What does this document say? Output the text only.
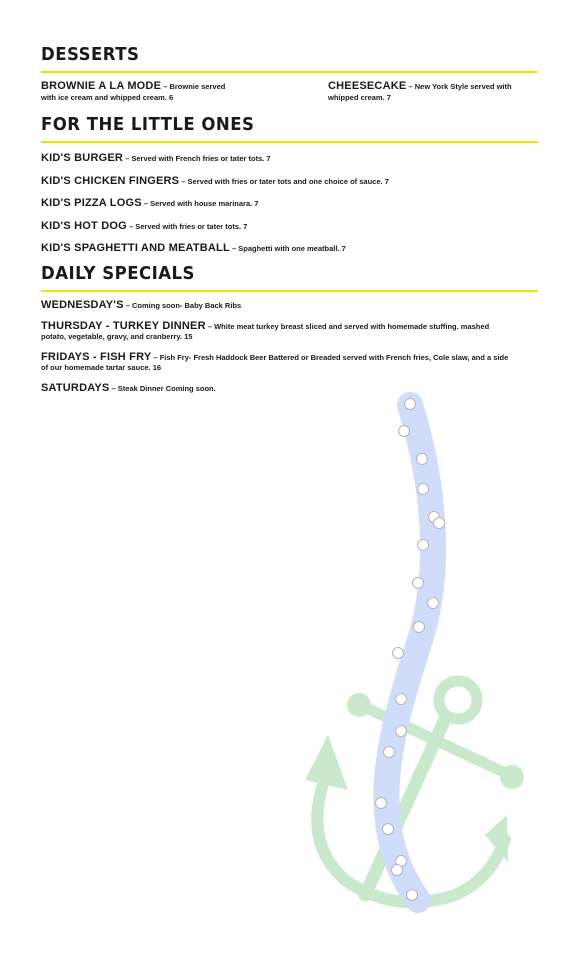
DESSERTS
BROWNIE A LA MODE – Brownie served with ice cream and whipped cream. 6
CHEESECAKE – New York Style served with whipped cream. 7
FOR THE LITTLE ONES
KID'S BURGER – Served with French fries or tater tots. 7
KID'S CHICKEN FINGERS – Served with fries or tater tots and one choice of sauce. 7
KID'S PIZZA LOGS – Served with house marinara. 7
KID'S HOT DOG – Served with fries or tater tots. 7
KID'S SPAGHETTI AND MEATBALL – Spaghetti with one meatball. 7
DAILY SPECIALS
WEDNESDAY'S – Coming soon- Baby Back Ribs
THURSDAY - TURKEY DINNER – White meat turkey breast sliced and served with homemade stuffing. mashed potato, vegetable, gravy, and cranberry. 15
FRIDAYS - FISH FRY – Fish Fry- Fresh Haddock Beer Battered or Breaded served with French fries, Cole slaw, and a side of our homemade tartar sauce. 16
SATURDAYS – Steak Dinner Coming soon.
